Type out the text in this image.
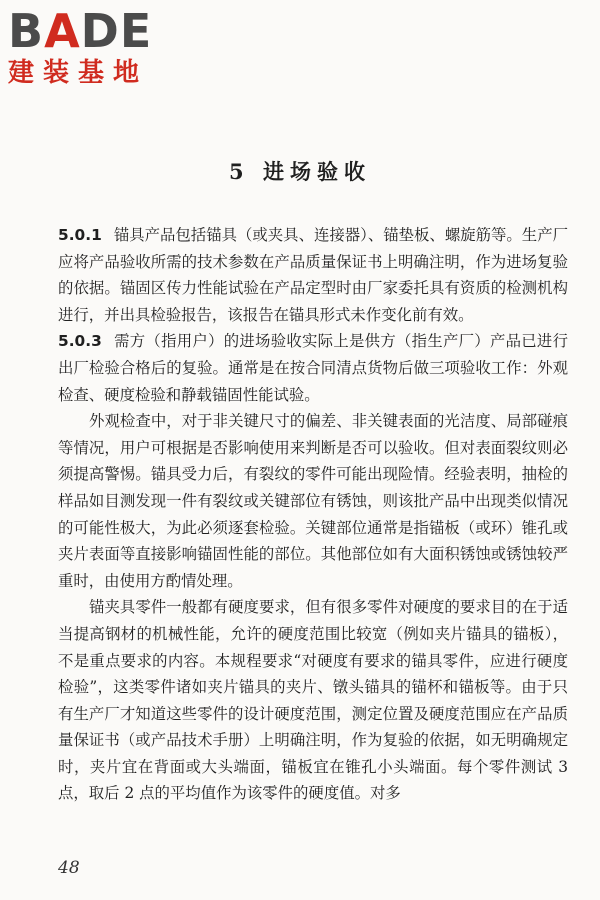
BADE
建装基地
5 进场验收

5.0.1 锚具产品包括锚具（或夹具、连接器）、锚垫板、螺旋筋等。生产厂应将产品验收所需的技术参数在产品质量保证书上明确注明，作为进场复验的依据。锚固区传力性能试验在产品定型时由厂家委托具有资质的检测机构进行，并出具检验报告，该报告在锚具形式未作变化前有效。

5.0.3 需方（指用户）的进场验收实际上是供方（指生产厂）产品已进行出厂检验合格后的复验。通常是在按合同清点货物后做三项验收工作：外观检查、硬度检验和静载锚固性能试验。

外观检查中，对于非关键尺寸的偏差、非关键表面的光洁度、局部碰痕等情况，用户可根据是否影响使用来判断是否可以验收。但对表面裂纹则必须提高警惕。锚具受力后，有裂纹的零件可能出现险情。经验表明，抽检的样品如目测发现一件有裂纹或关键部位有锈蚀，则该批产品中出现类似情况的可能性极大，为此必须逐套检验。关键部位通常是指锚板（或环）锥孔或夹片表面等直接影响锚固性能的部位。其他部位如有大面积锈蚀或锈蚀较严重时，由使用方酌情处理。

锚夹具零件一般都有硬度要求，但有很多零件对硬度的要求目的在于适当提高钢材的机械性能，允许的硬度范围比较宽（例如夹片锚具的锚板），不是重点要求的内容。本规程要求“对硬度有要求的锚具零件，应进行硬度检验”，这类零件诸如夹片锚具的夹片、镦头锚具的锚杯和锚板等。由于只有生产厂才知道这些零件的设计硬度范围，测定位置及硬度范围应在产品质量保证书（或产品技术手册）上明确注明，作为复验的依据，如无明确规定时，夹片宜在背面或大头端面，锚板宜在锥孔小头端面。每个零件测试 3 点，取后 2 点的平均值作为该零件的硬度值。对多

48
